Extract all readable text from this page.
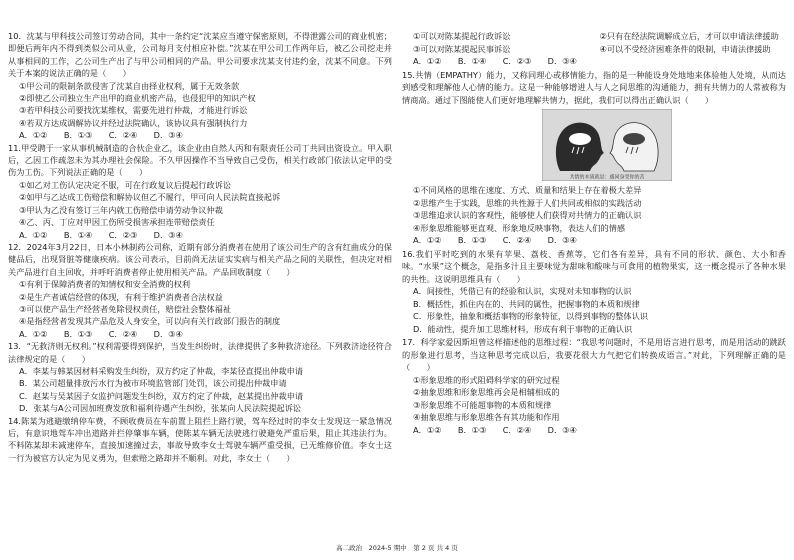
10．沈某与甲科技公司签订劳动合同，其中一条约定“沈某应当遵守保密原则，不得泄露公司的商业机密；即便后两年内不得到类似公司从业，公司每月支付相应补偿。”沈某在甲公司工作两年后，被乙公司挖走并从事相同的工作，乙公司生产出了与甲公司相同的产品。甲公司要求沈某支付违约金，沈某不同意。下列关于本案的说法正确的是（　　）

①甲公司的限制条款侵害了沈某自由择业权利，属于无效条款

②即使乙公司独立生产出甲的商业机密产品，也侵犯甲的知识产权

③若甲科技公司要找沈某维权，需要先进行仲裁，才能进行诉讼

④若双方达成调解协议并经过法院确认，该协议具有强制执行力

A．①②　　B．①③　　C．②④　　D．③④

11.甲受聘于一家从事机械制造的合伙企业乙，该企业由自然人丙和有限责任公司丁共同出资设立。甲入职后，乙因工作疏忽未为其办理社会保险。不久甲因操作不当导致自己受伤，相关行政部门依法认定甲的受伤为工伤。下列说法正确的是（　　）

①如乙对工伤认定决定不服，可在行政复议后提起行政诉讼

②如甲与乙达成工伤赔偿和解协议但乙不履行，甲可向人民法院直接起诉

③甲认为乙没有签订三年内就工伤赔偿申请劳动争议仲裁

④乙、丙、丁应对甲因工伤所受损害承担连带赔偿责任

A．①②　　B．①④　　C．②③　　D．③④

12．2024年3月22日，日本小林制药公司称，近期有部分消费者在使用了该公司生产的含有红曲成分的保健品后，出现肾脏等健康疾病。该公司表示，目前尚无法证实实病与相关产品之间的关联性，但决定对相关产品进行自主回收，并呼吁消费者停止使用相关产品。产品回收制度（　　）

①有利于保障消费者的知情权和安全消费的权利

②是生产者诚信经营的体现，有利于维护消费者合法权益

③可以使产品生产经营者免除侵权责任，赔偿社会整体福祉

④是指经营者发现其产品危及人身安全，可以向有关行政部门报告的制度

A．①②　　B．①③　　C．②④　　D．③④

13．“无救济则无权利。”权利需要得到保护，当发生纠纷时，法律提供了多种救济途径。下列救济途径符合法律规定的是（　　）

A．李某与韩某因材料采购发生纠纷，双方约定了仲裁，李某径直提出仲裁申请

B．某公司超量排放污水行为被市环境监管部门处罚，该公司提出仲裁申请

C．赵某与吴某因子女监护问题发生纠纷，双方约定了仲裁，赵某提出仲裁申请

D．张某与A公司因加班费发放和福利待遇产生纠纷，张某向人民法院提起诉讼

14.陈某为逃避缴纳停车费，不顾收费员在车前置上阻拦上路行驶，驾车经过时的李女士发现这一紧急情况后，有意识地驾车冲出道路并拦停肇事车辆，使陈某车辆无法驶逃行驶避免严重后果，阻止其违法行为。不料陈某却未减速停车，直接加速撞过去，事故导致李女士驾驶车辆严重受损，已无维修价值。李女士这一行为被官方认定为见义勇为，但索赔之路却并不顺利。对此，李女士（　　）

①可以对陈某提起行政诉讼	②只有在经法院调解成立后，才可以申请法律援助
③可以对陈某提起民事诉讼	④可以不受经济困难条件的限制，申请法律援助

A．①②　　B．①④　　C．②③　　D．③④

15.共情（EMPATHY）能力，又称同理心或移情能力，指的是一种能设身处地地来体验他人处境，从而达到感受和理解他人心情的能力。这是一种能够增进人与人之间思维的沟通能力，拥有共情力的人常被称为情商高。通过下图能使人们更好地理解共情力，据此，我们可以得出正确认识（　　）

共情的本质就是：感同身受你的苦

①不同风格的思维在速度、方式、质量和结果上存在着极大差异

②思维产生于实践，思维的共性源于人们共同或相似的实践活动

③思维追求认识的客观性，能够使人们获得对共情力的正确认识

④形象思维能够更直观、形象地反映事物，表达人们的情感

A．①②　　B．①③　　C．②④　　D．③④

16.我们平时吃到的水果有苹果、荔枝、香蕉等，它们各有差异，具有不同的形状、颜色、大小和香味。“水果”这个概念，是指多汁且主要味觉为甜味和酸味与可食用的植物果实，这一概念提示了各种水果的共性。这说明思维具有（　　）

A．间接性，凭借已有的经验和认识，实现对未知事物的认识

B．概括性，抓住内在的、共同的属性，把握事物的本质和规律

C．形象性，抽象和概括事物的形象特征，以得到事物的整体认识

D．能动性，提升加工思维材料，形成有利于事物的正确认识

17．科学家爱因斯坦曾这样描述他的思维过程：“我思考问题时，不是用语言进行思考，而是用活动的跳跃的形象进行思考，当这种思考完成以后，我要花很大力气把它们转换成语言。”对此，下列理解正确的是（　　）

①形象思维的形式阻碍科学家的研究过程

②抽象思维和形象思维再会是相辅相成的

③形象思维不可能超事物的本质和规律

④抽象思维与形象思维各有其功能和作用

A．①②　　B．①③　　C．②④　　D．③④

高二政治　2024-5 期中　第 2 页 共 4 页
